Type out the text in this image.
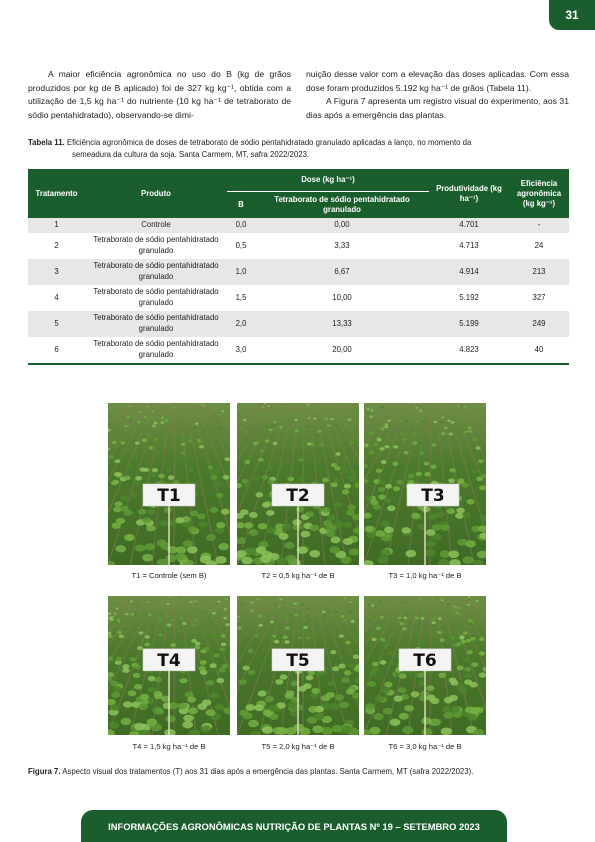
31

A maior eficiência agronômica no uso do B (kg de grãos produzidos por kg de B aplicado) foi de 327 kg kg⁻¹, obtida com a utilização de 1,5 kg ha⁻¹ do nutriente (10 kg ha⁻¹ de tetraborato de sódio pentahidratado), observando-se dimi-

nuição desse valor com a elevação das doses aplicadas. Com essa dose foram produzidos 5.192 kg ha⁻¹ de grãos (Tabela 11).

A Figura 7 apresenta um registro visual do experimento, aos 31 dias após a emergência das plantas.

Tabela 11. Eficiência agronômica de doses de tetraborato de sódio pentahidratado granulado aplicadas a lanço, no momento da
semeadura da cultura da soja. Santa Carmem, MT, safra 2022/2023.
Tratamento	Produto	Dose (kg ha⁻¹)		Produtividade (kg ha⁻¹)	Eficiência agronômica (kg kg⁻¹)
		B	Tetraborato de sódio pentahidratado granulado		
1	Controle	0,0	0,00	4.701	-
2	Tetraborato de sódio pentahidratado granulado	0,5	3,33	4.713	24
3	Tetraborato de sódio pentahidratado granulado	1,0	6,67	4.914	213
4	Tetraborato de sódio pentahidratado granulado	1,5	10,00	5.192	327
5	Tetraborato de sódio pentahidratado granulado	2,0	13,33	5.199	249
6	Tetraborato de sódio pentahidratado granulado	3,0	20,00	4.823	40
T1	T2	T3
T4	T5	T6
T1 = Controle (sem B)	T2 = 0,5 kg ha⁻¹ de B	T3 = 1,0 kg ha⁻¹ de B
T4 = 1,5 kg ha⁻¹ de B	T5 = 2,0 kg ha⁻¹ de B	T6 = 3,0 kg ha⁻¹ de B
Figura 7. Aspecto visual dos tratamentos (T) aos 31 dias após a emergência das plantas. Santa Carmem, MT (safra 2022/2023).
INFORMAÇÕES AGRONÔMICAS NUTRIÇÃO DE PLANTAS Nº 19 – SETEMBRO 2023
